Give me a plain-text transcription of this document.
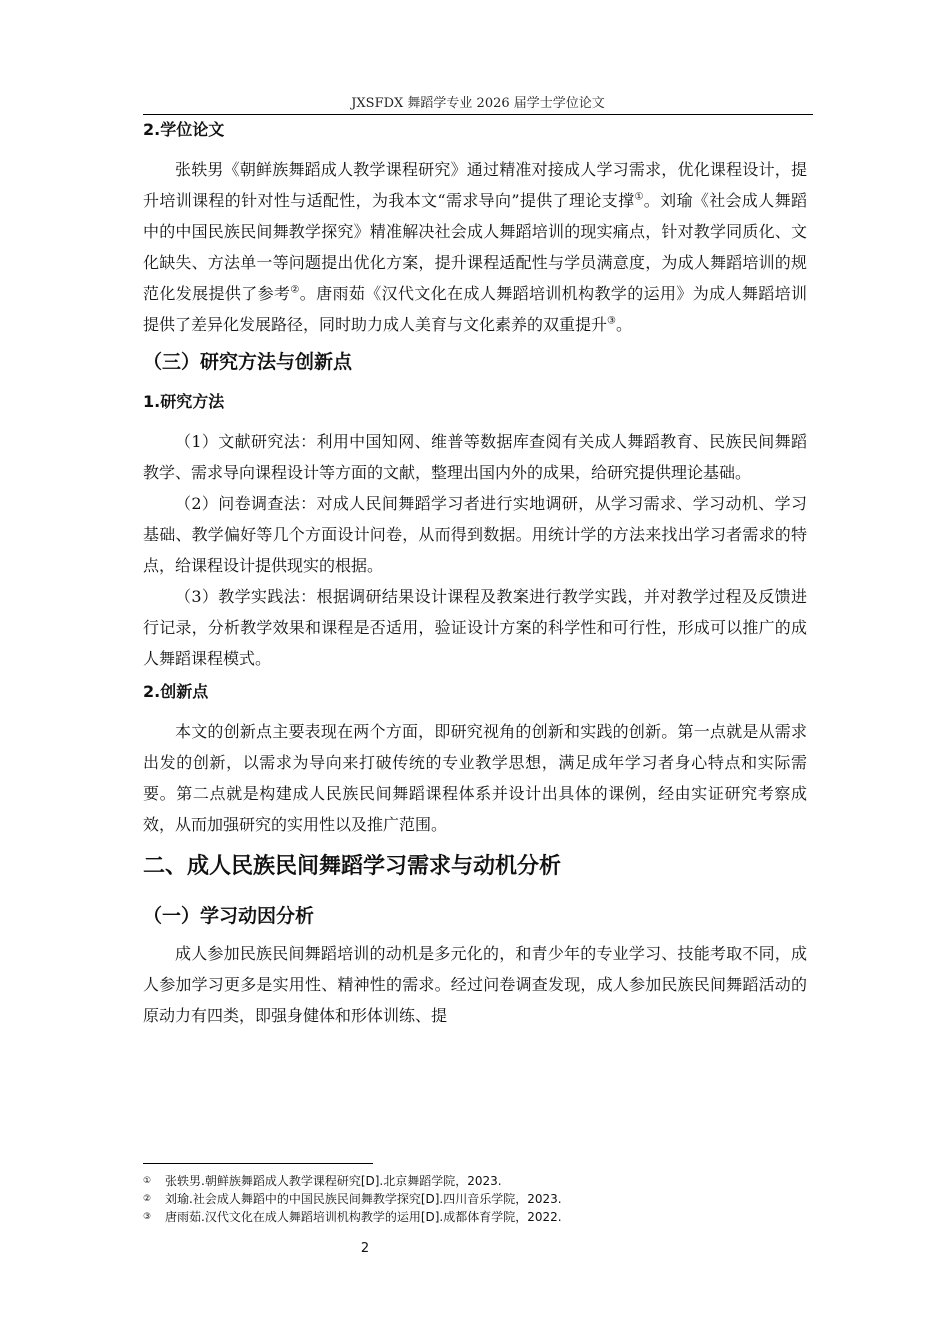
JXSFDX 舞蹈学专业 2026 届学士学位论文
2.学位论文

张轶男《朝鲜族舞蹈成人教学课程研究》通过精准对接成人学习需求，优化课程设计，提升培训课程的针对性与适配性，为我本文“需求导向”提供了理论支撑①。刘瑜《社会成人舞蹈中的中国民族民间舞教学探究》精准解决社会成人舞蹈培训的现实痛点，针对教学同质化、文化缺失、方法单一等问题提出优化方案，提升课程适配性与学员满意度，为成人舞蹈培训的规范化发展提供了参考②。唐雨茹《汉代文化在成人舞蹈培训机构教学的运用》为成人舞蹈培训提供了差异化发展路径，同时助力成人美育与文化素养的双重提升③。

（三）研究方法与创新点
1.研究方法

（1）文献研究法：利用中国知网、维普等数据库查阅有关成人舞蹈教育、民族民间舞蹈教学、需求导向课程设计等方面的文献，整理出国内外的成果，给研究提供理论基础。

（2）问卷调查法：对成人民间舞蹈学习者进行实地调研，从学习需求、学习动机、学习基础、教学偏好等几个方面设计问卷，从而得到数据。用统计学的方法来找出学习者需求的特点，给课程设计提供现实的根据。

（3）教学实践法：根据调研结果设计课程及教案进行教学实践，并对教学过程及反馈进行记录，分析教学效果和课程是否适用，验证设计方案的科学性和可行性，形成可以推广的成人舞蹈课程模式。

2.创新点

本文的创新点主要表现在两个方面，即研究视角的创新和实践的创新。第一点就是从需求出发的创新，以需求为导向来打破传统的专业教学思想，满足成年学习者身心特点和实际需要。第二点就是构建成人民族民间舞蹈课程体系并设计出具体的课例，经由实证研究考察成效，从而加强研究的实用性以及推广范围。

二、成人民族民间舞蹈学习需求与动机分析
（一）学习动因分析

成人参加民族民间舞蹈培训的动机是多元化的，和青少年的专业学习、技能考取不同，成人参加学习更多是实用性、精神性的需求。经过问卷调查发现，成人参加民族民间舞蹈活动的原动力有四类，即强身健体和形体训练、提

① 张轶男.朝鲜族舞蹈成人教学课程研究[D].北京舞蹈学院，2023.
② 刘瑜.社会成人舞蹈中的中国民族民间舞教学探究[D].四川音乐学院，2023.
③ 唐雨茹.汉代文化在成人舞蹈培训机构教学的运用[D].成都体育学院，2022.
2
